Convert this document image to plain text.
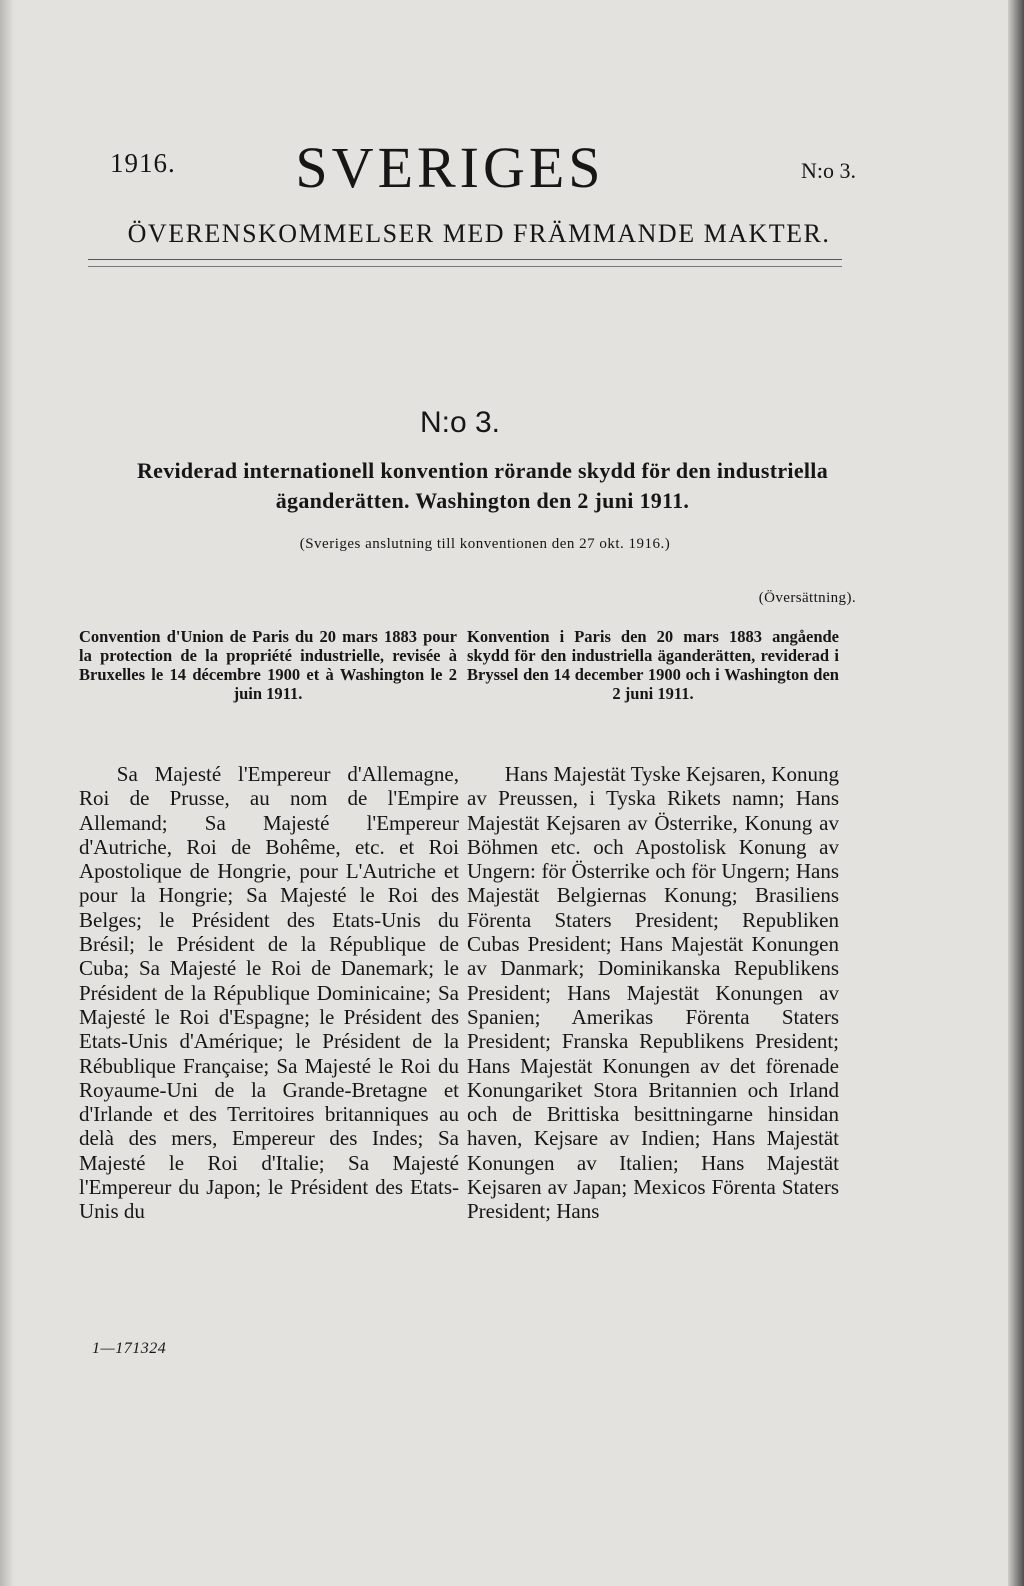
1916. SVERIGES	N:o 3.
ÖVERENSKOMMELSER MED FRÄMMANDE MAKTER.
N:o 3.
Reviderad internationell konvention rörande skydd för den industriella äganderätten. Washington den 2 juni 1911.
(Sveriges anslutning till konventionen den 27 okt. 1916.)
(Översättning).
Convention d'Union de Paris du 20 mars 1883 pour la protection de la propriété industrielle, revisée à Bruxelles le 14 décembre 1900 et à Washington le 2 juin 1911.
Konvention i Paris den 20 mars 1883 angående skydd för den industriella äganderätten, reviderad i Bryssel den 14 december 1900 och i Washington den 2 juni 1911.
Sa Majesté l'Empereur d'Allemagne, Roi de Prusse, au nom de l'Empire Allemand; Sa Majesté l'Empereur d'Autriche, Roi de Bohême, etc. et Roi Apostolique de Hongrie, pour L'Autriche et pour la Hongrie; Sa Majesté le Roi des Belges; le Président des Etats-Unis du Brésil; le Président de la République de Cuba; Sa Majesté le Roi de Danemark; le Président de la République Dominicaine; Sa Majesté le Roi d'Espagne; le Président des Etats-Unis d'Amérique; le Président de la Rébublique Française; Sa Majesté le Roi du Royaume-Uni de la Grande-Bretagne et d'Irlande et des Territoires britanniques au delà des mers, Empereur des Indes; Sa Majesté le Roi d'Italie; Sa Majesté l'Empereur du Japon; le Président des Etats-Unis du
Hans Majestät Tyske Kejsaren, Konung av Preussen, i Tyska Rikets namn; Hans Majestät Kejsaren av Österrike, Konung av Böhmen etc. och Apostolisk Konung av Ungern: för Österrike och för Ungern; Hans Majestät Belgiernas Konung; Brasiliens Förenta Staters President; Republiken Cubas President; Hans Majestät Konungen av Danmark; Dominikanska Republikens President; Hans Majestät Konungen av Spanien; Amerikas Förenta Staters President; Franska Republikens President; Hans Majestät Konungen av det förenade Konungariket Stora Britannien och Irland och de Brittiska besittningarne hinsidan haven, Kejsare av Indien; Hans Majestät Konungen av Italien; Hans Majestät Kejsaren av Japan; Mexicos Förenta Staters President; Hans
1—171324
